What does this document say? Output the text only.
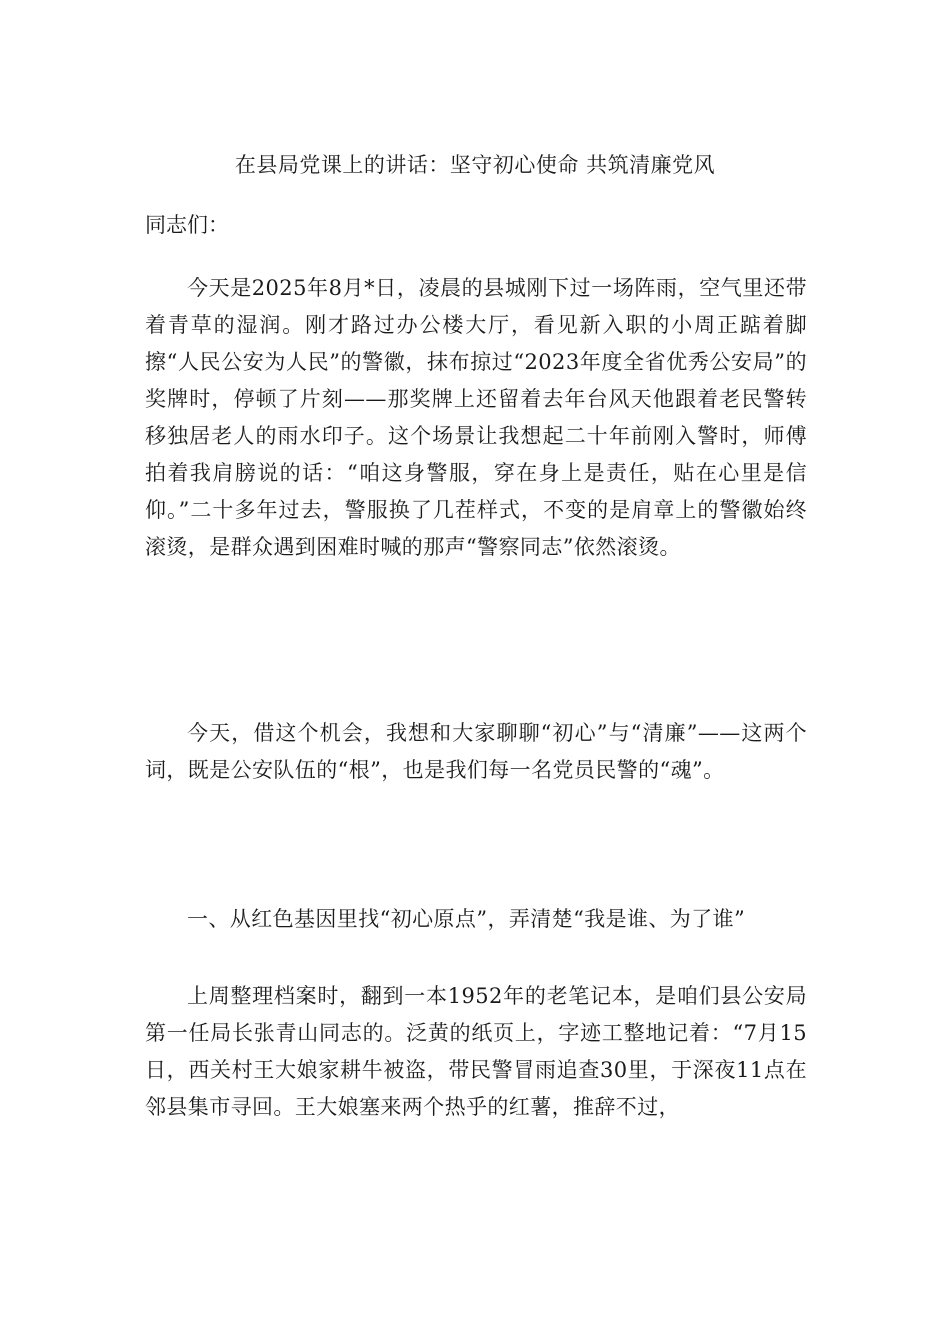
在县局党课上的讲话：坚守初心使命 共筑清廉党风

同志们：

今天是2025年8月*日，凌晨的县城刚下过一场阵雨，空气里还带着青草的湿润。刚才路过办公楼大厅，看见新入职的小周正踮着脚擦“人民公安为人民”的警徽，抹布掠过“2023年度全省优秀公安局”的奖牌时，停顿了片刻——那奖牌上还留着去年台风天他跟着老民警转移独居老人的雨水印子。这个场景让我想起二十年前刚入警时，师傅拍着我肩膀说的话：“咱这身警服，穿在身上是责任，贴在心里是信仰。”二十多年过去，警服换了几茬样式，不变的是肩章上的警徽始终滚烫，是群众遇到困难时喊的那声“警察同志”依然滚烫。

今天，借这个机会，我想和大家聊聊“初心”与“清廉”——这两个词，既是公安队伍的“根”，也是我们每一名党员民警的“魂”。

一、从红色基因里找“初心原点”，弄清楚“我是谁、为了谁”

上周整理档案时，翻到一本1952年的老笔记本，是咱们县公安局第一任局长张青山同志的。泛黄的纸页上，字迹工整地记着：“7月15日，西关村王大娘家耕牛被盗，带民警冒雨追查30里，于深夜11点在邻县集市寻回。王大娘塞来两个热乎的红薯，推辞不过，
